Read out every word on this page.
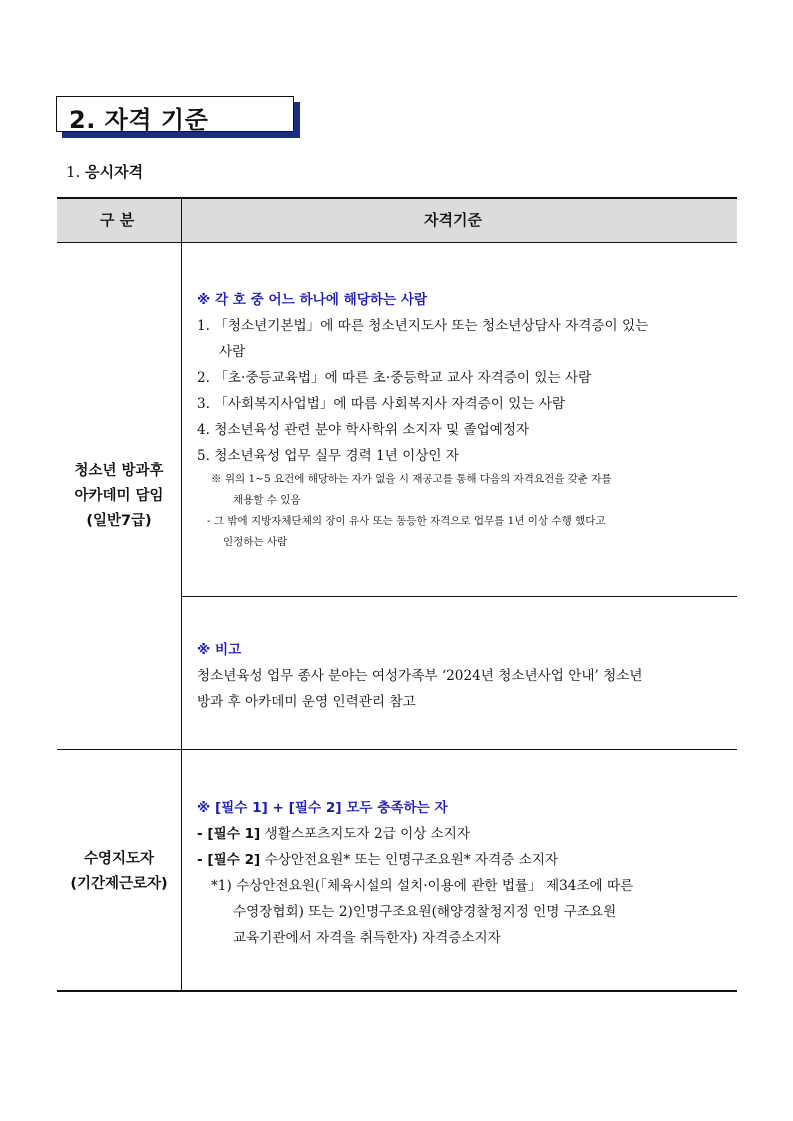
2. 자격 기준
1. 응시자격
구 분	자격기준
청소년 방과후
아카데미 담임
(일반7급)
※ 각 호 중 어느 하나에 해당하는 사람
1. 「청소년기본법」에 따른 청소년지도사 또는 청소년상담사 자격증이 있는
사람
2. 「초·중등교육법」에 따른 초·중등학교 교사 자격증이 있는 사람
3. 「사회복지사업법」에 따름 사회복지사 자격증이 있는 사람
4. 청소년육성 관련 분야 학사학위 소지자 및 졸업예정자
5. 청소년육성 업무 실무 경력 1년 이상인 자
※ 위의 1~5 요건에 해당하는 자가 없을 시 재공고를 통해 다음의 자격요건을 갖춘 자를
채용할 수 있음
- 그 밖에 지방자체단체의 장이 유사 또는 동등한 자격으로 업무를 1년 이상 수행 했다고
인정하는 사람
※ 비고
청소년육성 업무 종사 분야는 여성가족부 ‘2024년 청소년사업 안내’ 청소년
방과 후 아카데미 운영 인력관리 참고
수영지도자
(기간제근로자)
※ [필수 1] + [필수 2] 모두 충족하는 자
- [필수 1] 생활스포츠지도자 2급 이상 소지자
- [필수 2] 수상안전요원* 또는 인명구조요원* 자격증 소지자
*1) 수상안전요원(「체육시설의 설치·이용에 관한 법률」 제34조에 따른
수영장협회) 또는 2)인명구조요원(해양경찰청지정 인명 구조요원
교육기관에서 자격을 취득한자) 자격증소지자
